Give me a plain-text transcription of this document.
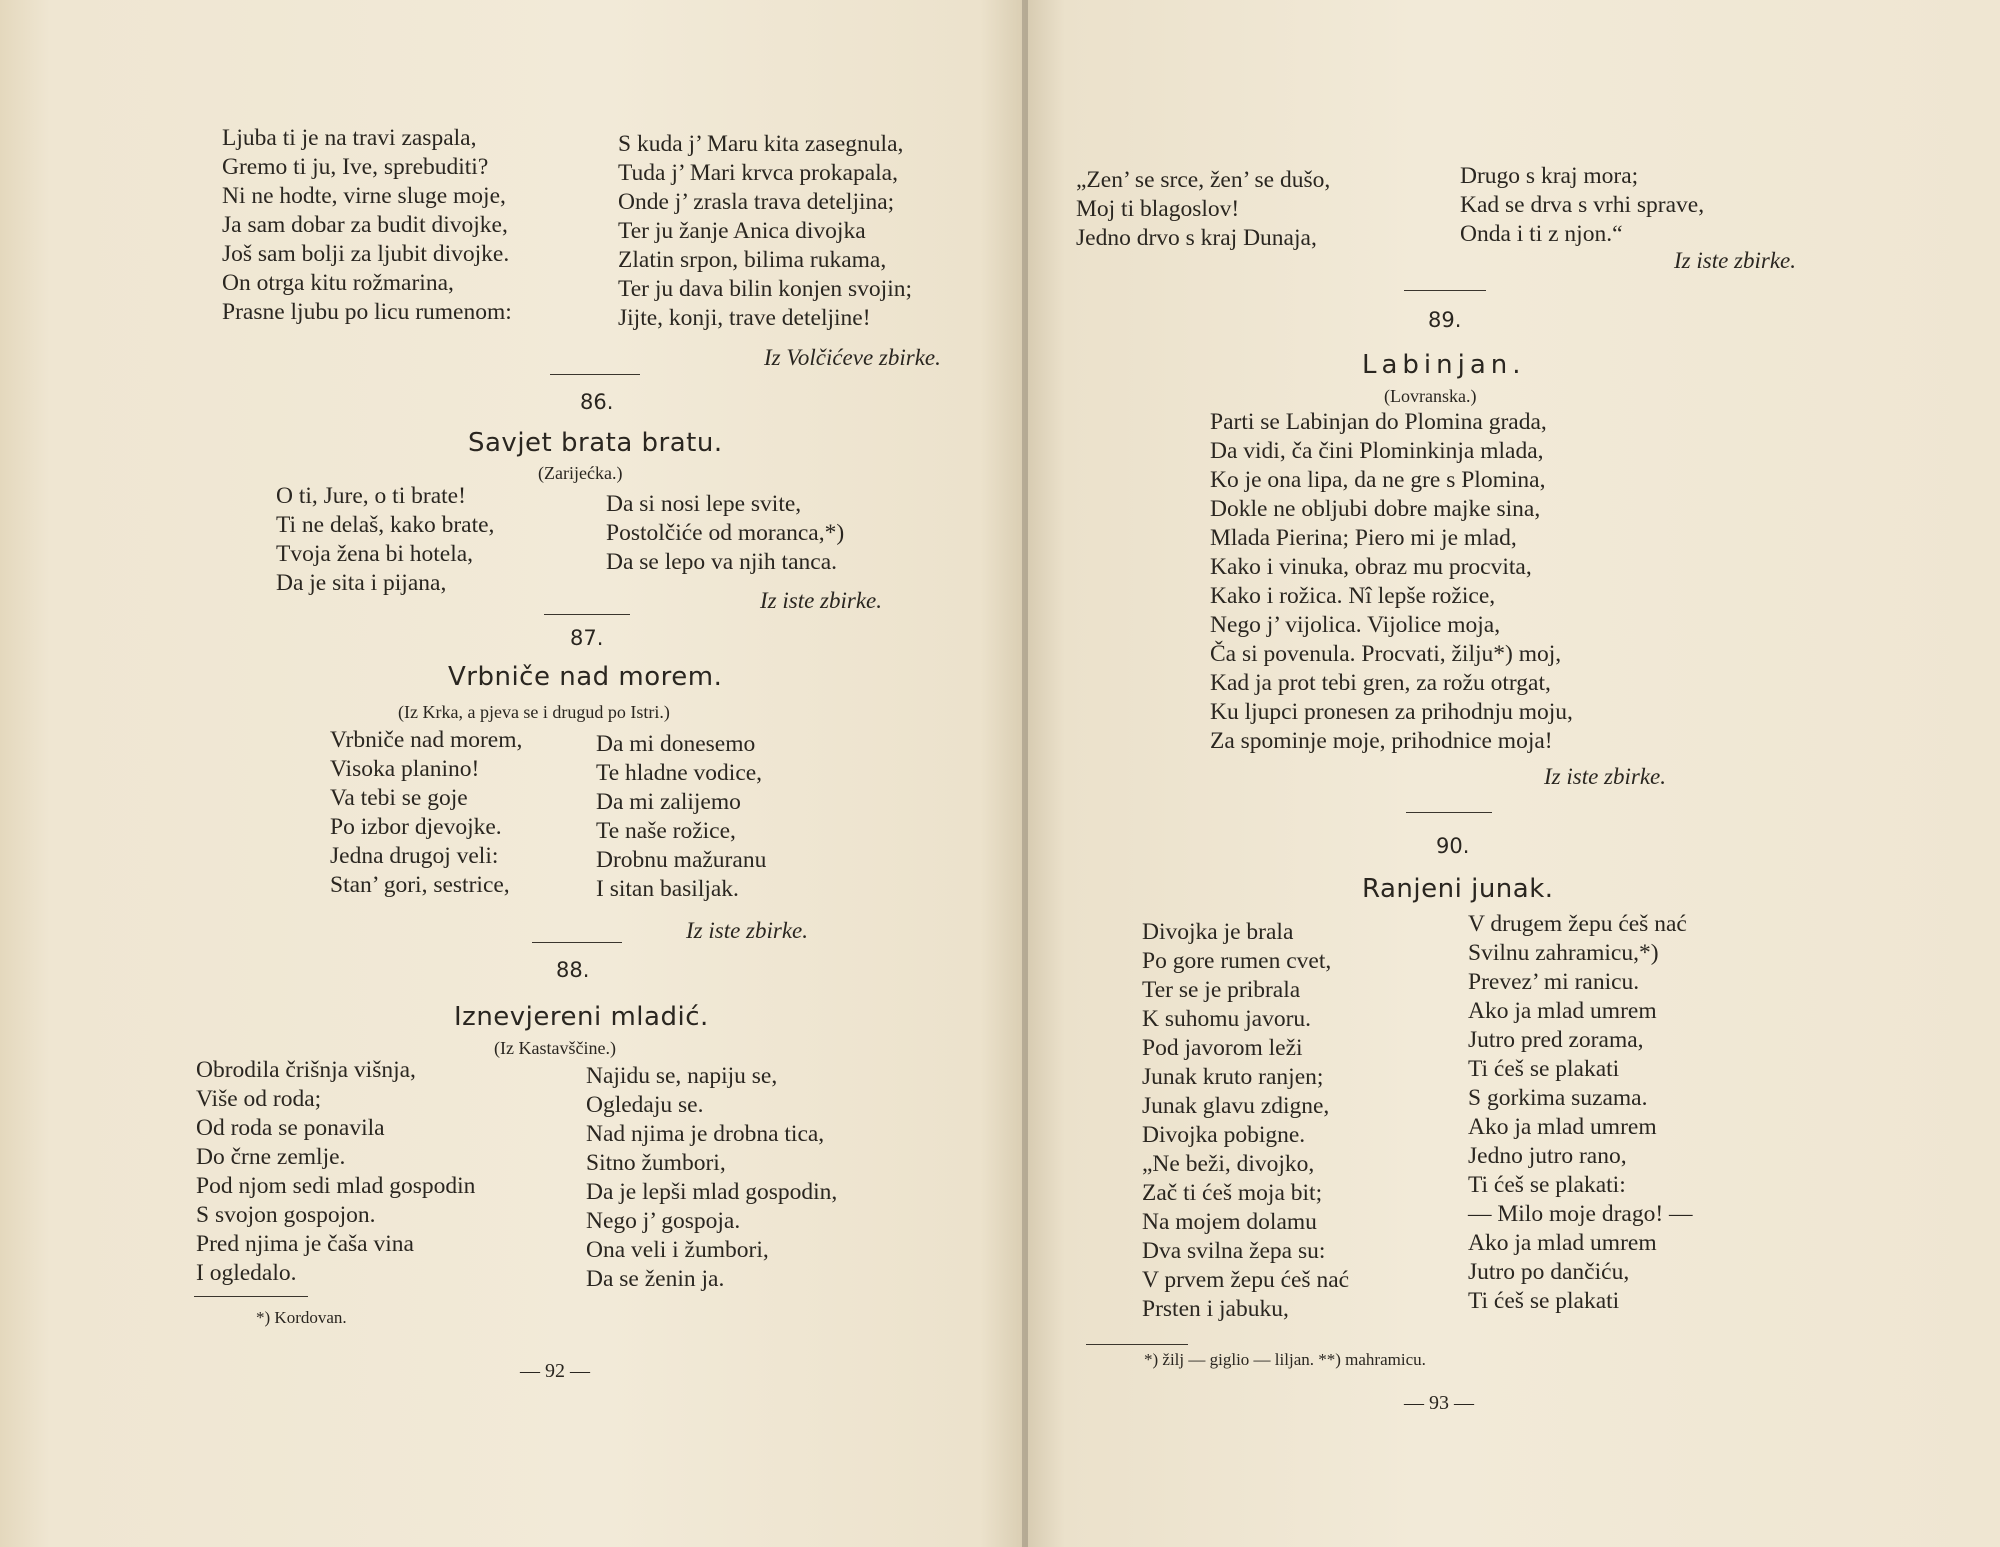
Ljuba ti je na travi zaspala,
Gremo ti ju, Ive, sprebuditi?
Ni ne hodte, virne sluge moje,
Ja sam dobar za budit divojke,
Još sam bolji za ljubit divojke.
On otrga kitu rožmarina,
Prasne ljubu po licu rumenom:
S kuda j’ Maru kita zasegnula,
Tuda j’ Mari krvca prokapala,
Onde j’ zrasla trava deteljina;
Ter ju žanje Anica divojka
Zlatin srpon, bilima rukama,
Ter ju dava bilin konjen svojin;
Jijte, konji, trave deteljine!
Iz Volčićeve zbirke.
86.
Savjet brata bratu.
(Zarijećka.)
O ti, Jure, o ti brate!
Ti ne delaš, kako brate,
Tvoja žena bi hotela,
Da je sita i pijana,
Da si nosi lepe svite,
Postolčiće od moranca,*)
Da se lepo va njih tanca.
Iz iste zbirke.
87.
Vrbniče nad morem.
(Iz Krka, a pjeva se i drugud po Istri.)
Vrbniče nad morem,
Visoka planino!
Va tebi se goje
Po izbor djevojke.
Jedna drugoj veli:
Stan’ gori, sestrice,
Da mi donesemo
Te hladne vodice,
Da mi zalijemo
Te naše rožice,
Drobnu mažuranu
I sitan basiljak.
Iz iste zbirke.
88.
Iznevjereni mladić.
(Iz Kastavščine.)
Obrodila črišnja višnja,
Više od roda;
Od roda se ponavila
Do črne zemlje.
Pod njom sedi mlad gospodin
S svojon gospojon.
Pred njima je čaša vina
I ogledalo.
Najidu se, napiju se,
Ogledaju se.
Nad njima je drobna tica,
Sitno žumbori,
Da je lepši mlad gospodin,
Nego j’ gospoja.
Ona veli i žumbori,
Da se ženin ja.
*) Kordovan.
— 92 —
„Zen’ se srce, žen’ se dušo,
Moj ti blagoslov!
Jedno drvo s kraj Dunaja,
Drugo s kraj mora;
Kad se drva s vrhi sprave,
Onda i ti z njon.“
Iz iste zbirke.
89.
Labinjan.
(Lovranska.)
Parti se Labinjan do Plomina grada,
Da vidi, ča čini Plominkinja mlada,
Ko je ona lipa, da ne gre s Plomina,
Dokle ne obljubi dobre majke sina,
Mlada Pierina; Piero mi je mlad,
Kako i vinuka, obraz mu procvita,
Kako i rožica. Nî lepše rožice,
Nego j’ vijolica. Vijolice moja,
Ča si povenula. Procvati, žilju*) moj,
Kad ja prot tebi gren, za rožu otrgat,
Ku ljupci pronesen za prihodnju moju,
Za spominje moje, prihodnice moja!
Iz iste zbirke.
90.
Ranjeni junak.
Divojka je brala
Po gore rumen cvet,
Ter se je pribrala
K suhomu javoru.
Pod javorom leži
Junak kruto ranjen;
Junak glavu zdigne,
Divojka pobigne.
„Ne beži, divojko,
Zač ti ćeš moja bit;
Na mojem dolamu
Dva svilna žepa su:
V prvem žepu ćeš nać
Prsten i jabuku,
V drugem žepu ćeš nać
Svilnu zahramicu,*)
Prevez’ mi ranicu.
Ako ja mlad umrem
Jutro pred zorama,
Ti ćeš se plakati
S gorkima suzama.
Ako ja mlad umrem
Jedno jutro rano,
Ti ćeš se plakati:
— Milo moje drago! —
Ako ja mlad umrem
Jutro po dančiću,
Ti ćeš se plakati
*) žilj — giglio — liljan. **) mahramicu.
— 93 —
